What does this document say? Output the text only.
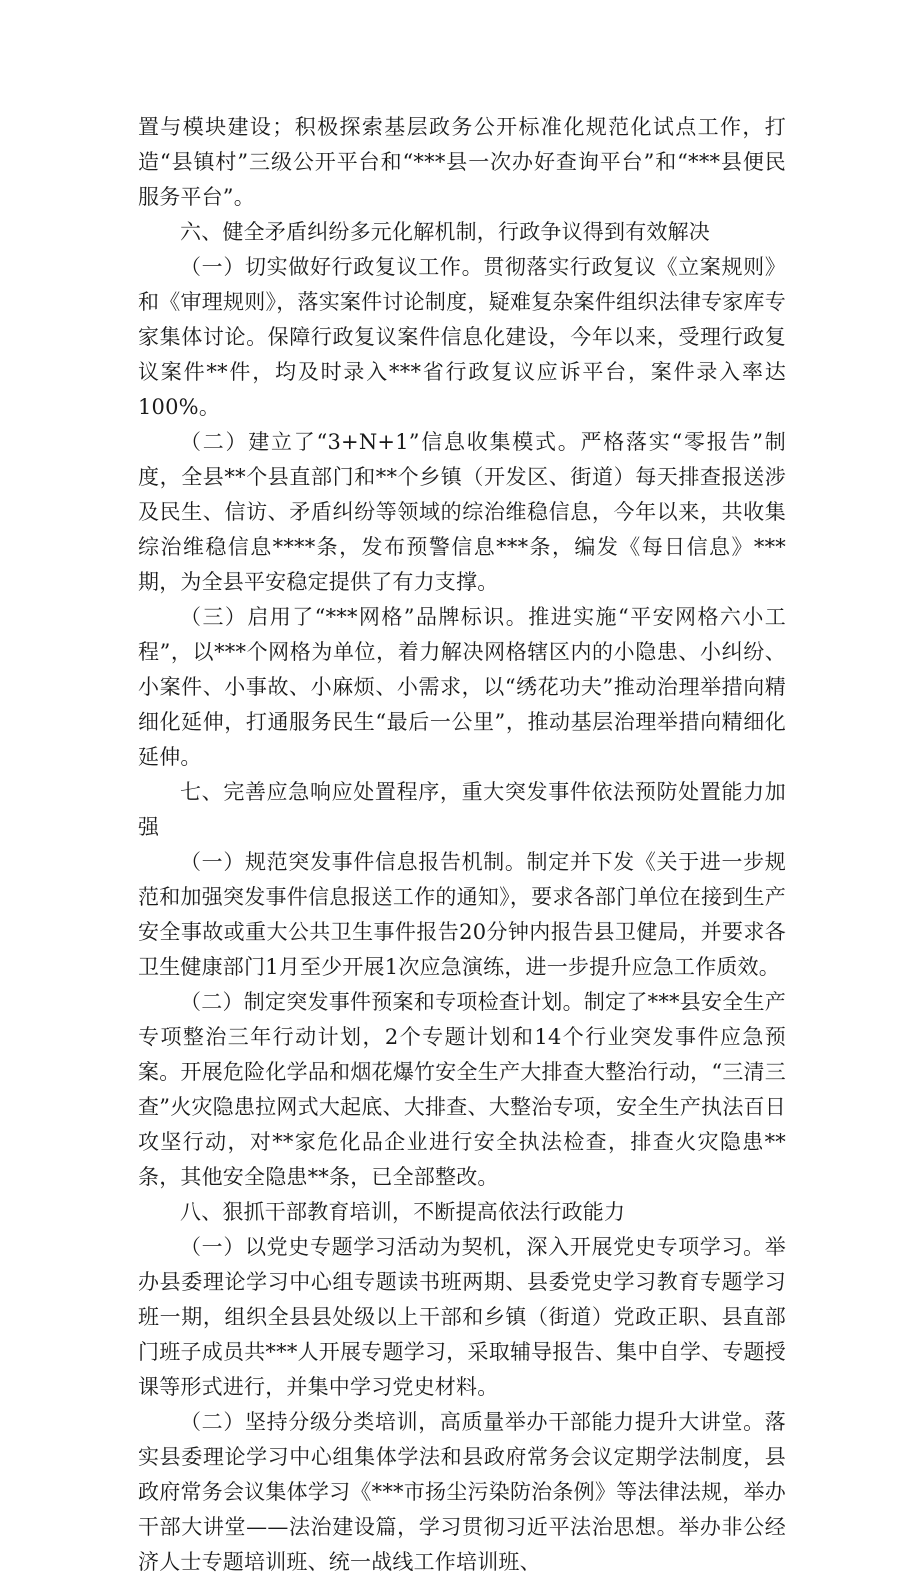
置与模块建设；积极探索基层政务公开标准化规范化试点工作，打造“县镇村”三级公开平台和“***县一次办好查询平台”和“***县便民服务平台”。

六、健全矛盾纠纷多元化解机制，行政争议得到有效解决

（一）切实做好行政复议工作。贯彻落实行政复议《立案规则》和《审理规则》，落实案件讨论制度，疑难复杂案件组织法律专家库专家集体讨论。保障行政复议案件信息化建设，今年以来，受理行政复议案件**件，均及时录入***省行政复议应诉平台，案件录入率达100%。

（二）建立了“3+N+1”信息收集模式。严格落实“零报告”制度，全县**个县直部门和**个乡镇（开发区、街道）每天排查报送涉及民生、信访、矛盾纠纷等领域的综治维稳信息，今年以来，共收集综治维稳信息****条，发布预警信息***条，编发《每日信息》***期，为全县平安稳定提供了有力支撑。

（三）启用了“***网格”品牌标识。推进实施“平安网格六小工程”，以***个网格为单位，着力解决网格辖区内的小隐患、小纠纷、小案件、小事故、小麻烦、小需求，以“绣花功夫”推动治理举措向精细化延伸，打通服务民生“最后一公里”，推动基层治理举措向精细化延伸。

七、完善应急响应处置程序，重大突发事件依法预防处置能力加强

（一）规范突发事件信息报告机制。制定并下发《关于进一步规范和加强突发事件信息报送工作的通知》，要求各部门单位在接到生产安全事故或重大公共卫生事件报告20分钟内报告县卫健局，并要求各卫生健康部门1月至少开展1次应急演练，进一步提升应急工作质效。

（二）制定突发事件预案和专项检查计划。制定了***县安全生产专项整治三年行动计划，2个专题计划和14个行业突发事件应急预案。开展危险化学品和烟花爆竹安全生产大排查大整治行动，“三清三查”火灾隐患拉网式大起底、大排查、大整治专项，安全生产执法百日攻坚行动，对**家危化品企业进行安全执法检查，排查火灾隐患**条，其他安全隐患**条，已全部整改。

八、狠抓干部教育培训，不断提高依法行政能力

（一）以党史专题学习活动为契机，深入开展党史专项学习。举办县委理论学习中心组专题读书班两期、县委党史学习教育专题学习班一期，组织全县县处级以上干部和乡镇（街道）党政正职、县直部门班子成员共***人开展专题学习，采取辅导报告、集中自学、专题授课等形式进行，并集中学习党史材料。

（二）坚持分级分类培训，高质量举办干部能力提升大讲堂。落实县委理论学习中心组集体学法和县政府常务会议定期学法制度，县政府常务会议集体学习《***市扬尘污染防治条例》等法律法规，举办干部大讲堂——法治建设篇，学习贯彻习近平法治思想。举办非公经济人士专题培训班、统一战线工作培训班、
